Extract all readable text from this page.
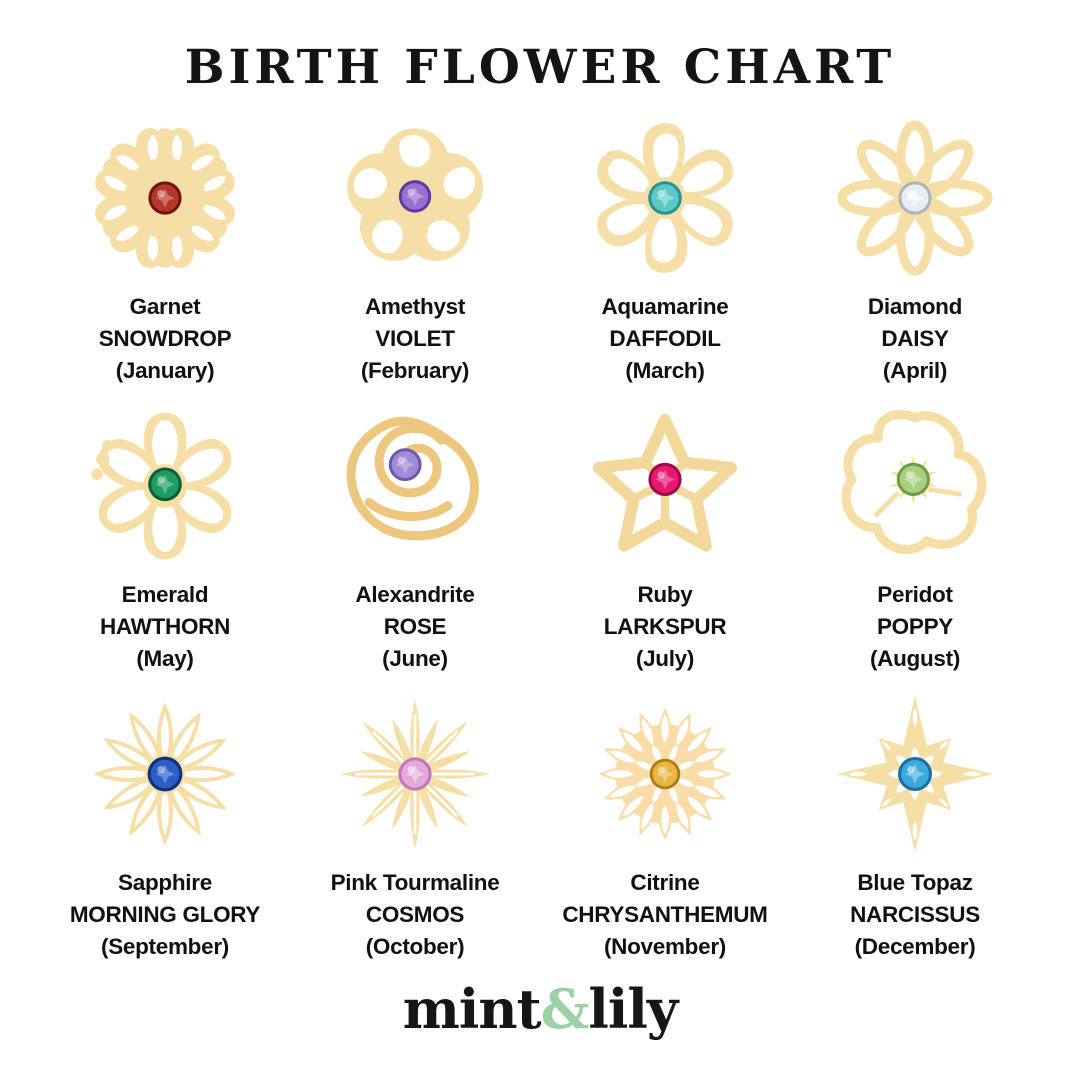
BIRTH FLOWER CHART
Garnet
SNOWDROP
(January)
Amethyst
VIOLET
(February)
Aquamarine
DAFFODIL
(March)
Diamond
DAISY
(April)
Emerald
HAWTHORN
(May)
Alexandrite
ROSE
(June)
Ruby
LARKSPUR
(July)
Peridot
POPPY
(August)
Sapphire
MORNING GLORY
(September)
Pink Tourmaline
COSMOS
(October)
Citrine
CHRYSANTHEMUM
(November)
Blue Topaz
NARCISSUS
(December)
mint&lily
